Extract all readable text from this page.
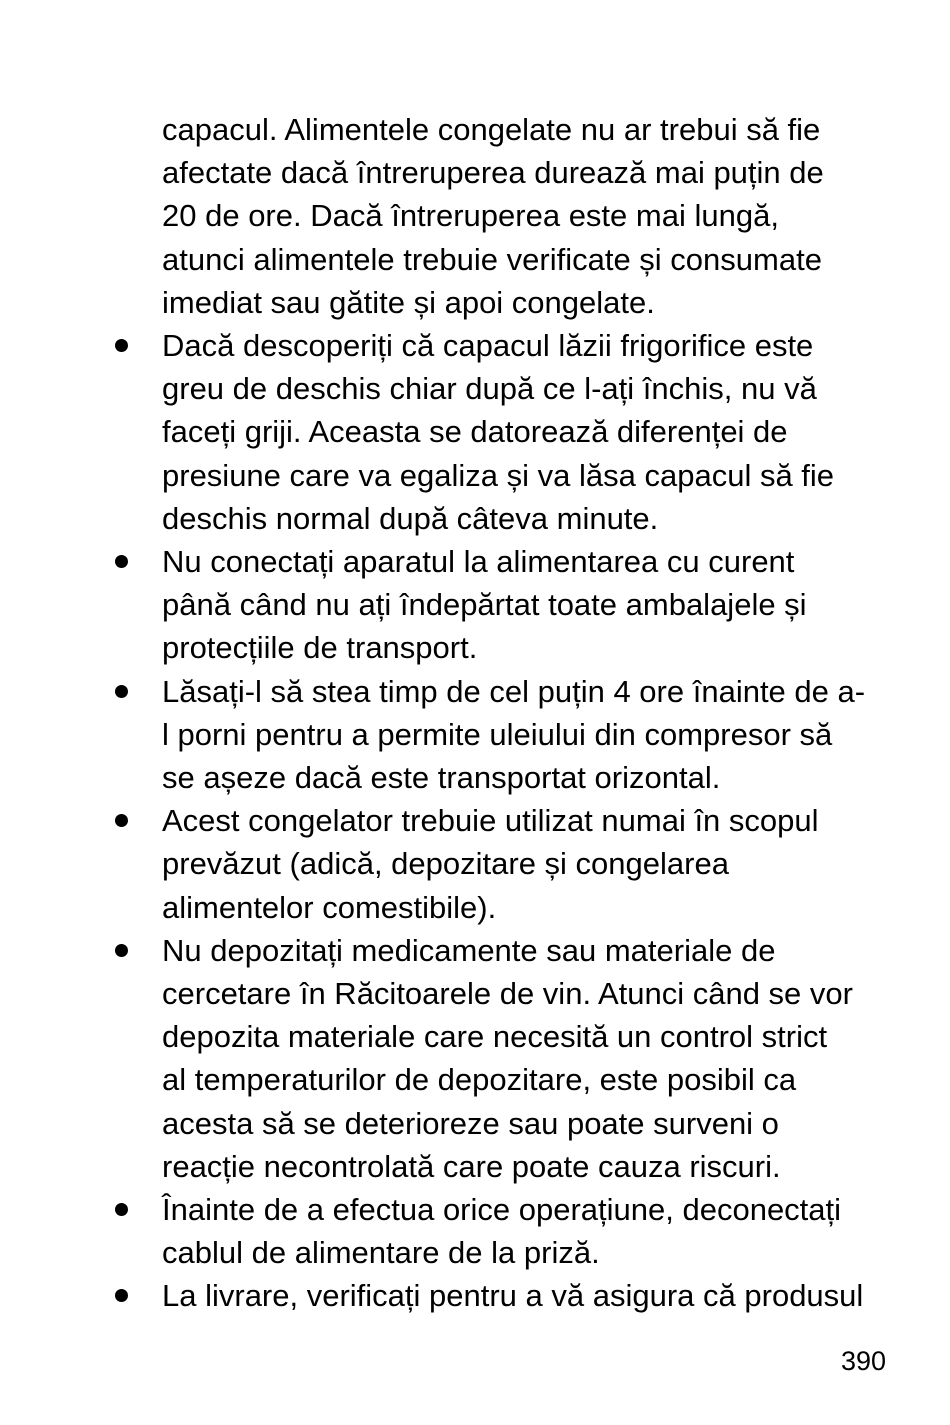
capacul. Alimentele congelate nu ar trebui să fie
afectate dacă întreruperea durează mai puțin de
20 de ore. Dacă întreruperea este mai lungă,
atunci alimentele trebuie verificate și consumate
imediat sau gătite și apoi congelate.
Dacă descoperiți că capacul lăzii frigorifice este
greu de deschis chiar după ce l-ați închis, nu vă
faceți griji. Aceasta se datorează diferenței de
presiune care va egaliza și va lăsa capacul să fie
deschis normal după câteva minute.
Nu conectați aparatul la alimentarea cu curent
până când nu ați îndepărtat toate ambalajele și
protecțiile de transport.
Lăsați-l să stea timp de cel puțin 4 ore înainte de a-
l porni pentru a permite uleiului din compresor să
se așeze dacă este transportat orizontal.
Acest congelator trebuie utilizat numai în scopul
prevăzut (adică, depozitare și congelarea
alimentelor comestibile).
Nu depozitați medicamente sau materiale de
cercetare în Răcitoarele de vin. Atunci când se vor
depozita materiale care necesită un control strict
al temperaturilor de depozitare, este posibil ca
acesta să se deterioreze sau poate surveni o
reacție necontrolată care poate cauza riscuri.
Înainte de a efectua orice operațiune, deconectați
cablul de alimentare de la priză.
La livrare, verificați pentru a vă asigura că produsul
390
